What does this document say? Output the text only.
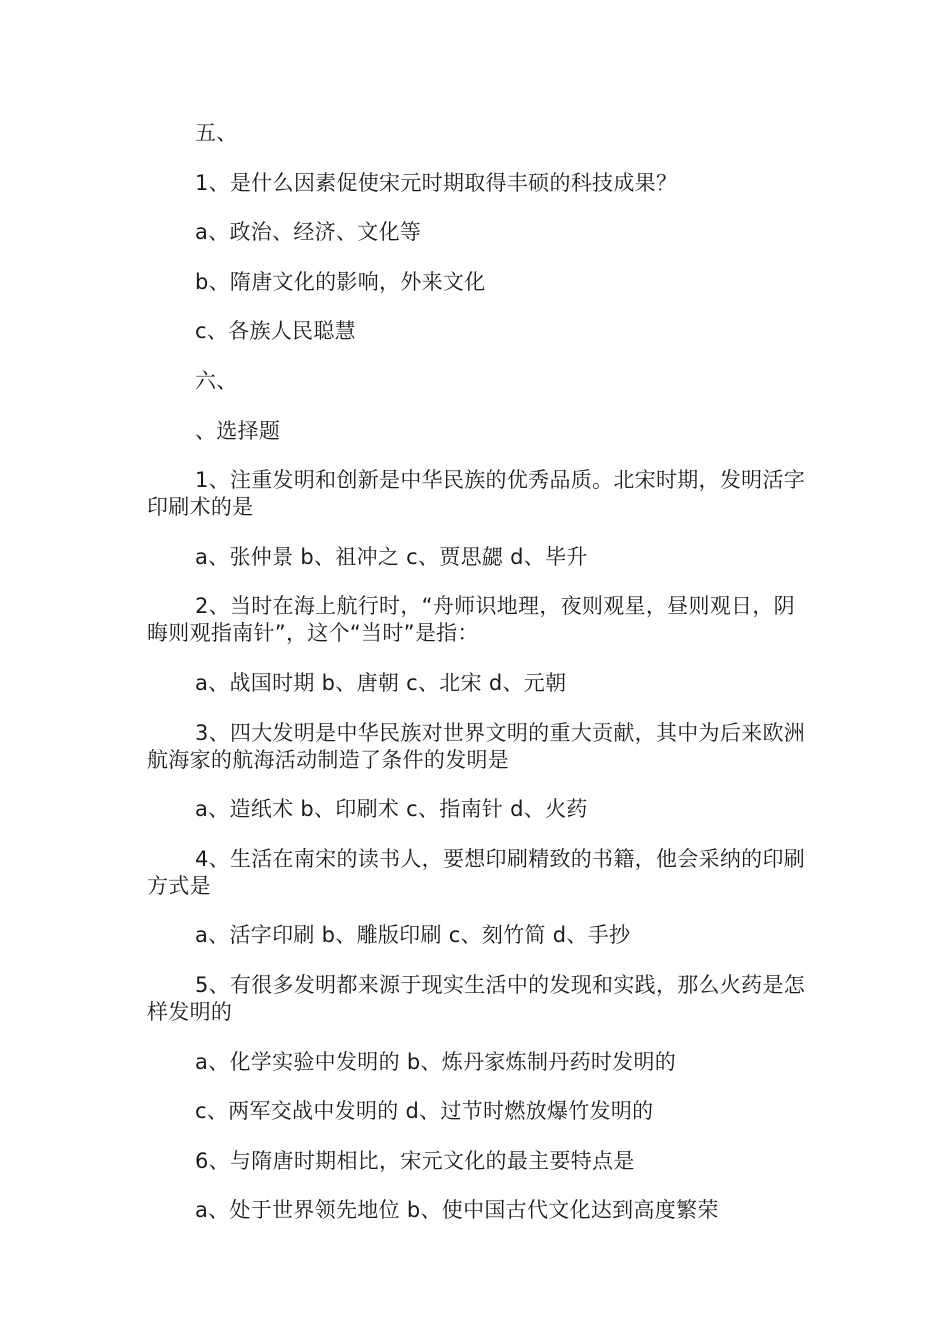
五、

1、是什么因素促使宋元时期取得丰硕的科技成果？

a、政治、经济、文化等

b、隋唐文化的影响，外来文化

c、各族人民聪慧

六、

、选择题

1、注重发明和创新是中华民族的优秀品质。北宋时期，发明活字印刷术的是

a、张仲景 b、祖冲之 c、贾思勰 d、毕升

2、当时在海上航行时，“舟师识地理，夜则观星，昼则观日，阴晦则观指南针”，这个“当时”是指：

a、战国时期 b、唐朝 c、北宋 d、元朝

3、四大发明是中华民族对世界文明的重大贡献，其中为后来欧洲航海家的航海活动制造了条件的发明是

a、造纸术 b、印刷术 c、指南针 d、火药

4、生活在南宋的读书人，要想印刷精致的书籍，他会采纳的印刷方式是

a、活字印刷 b、雕版印刷 c、刻竹简 d、手抄

5、有很多发明都来源于现实生活中的发现和实践，那么火药是怎样发明的

a、化学实验中发明的 b、炼丹家炼制丹药时发明的

c、两军交战中发明的 d、过节时燃放爆竹发明的

6、与隋唐时期相比，宋元文化的最主要特点是

a、处于世界领先地位 b、使中国古代文化达到高度繁荣
